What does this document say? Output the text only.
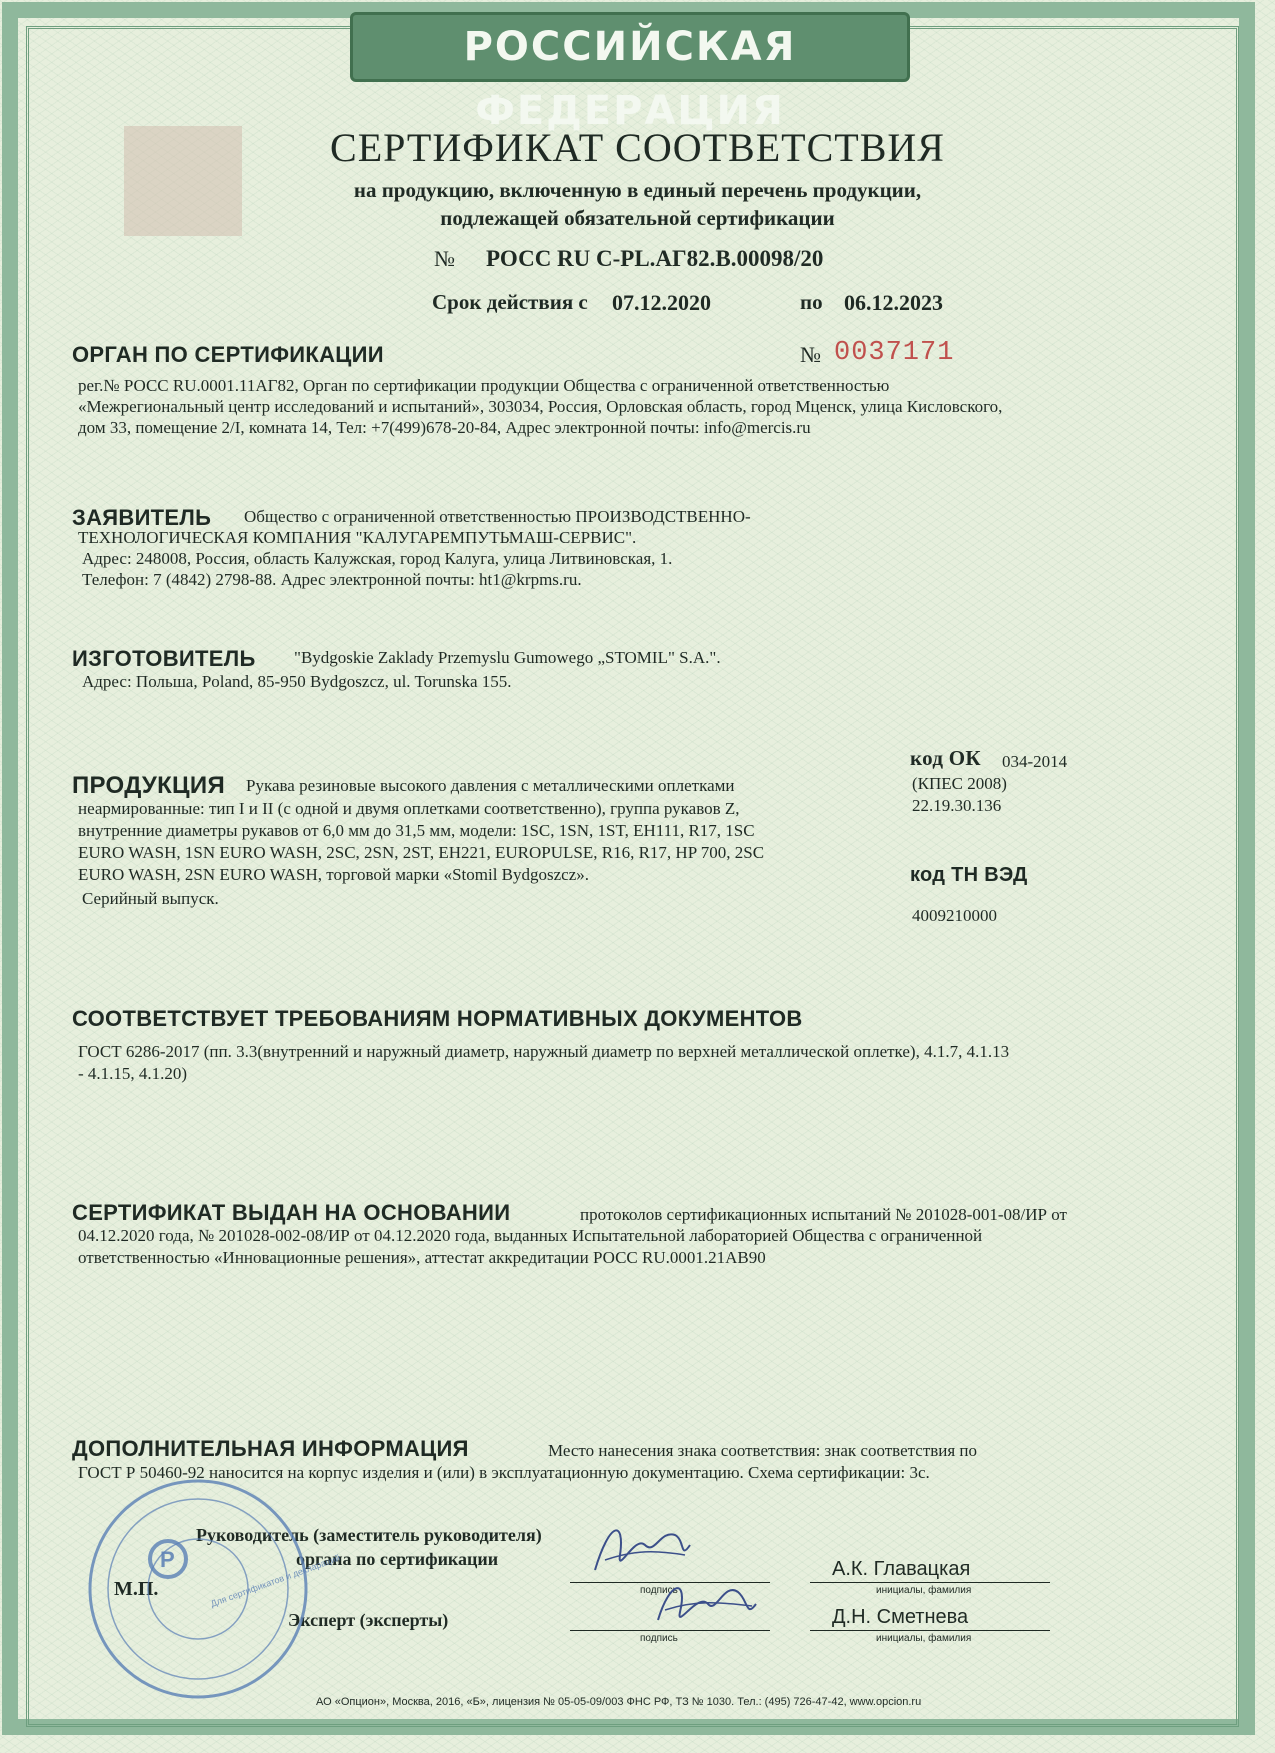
РОССИЙСКАЯ ФЕДЕРАЦИЯ
СЕРТИФИКАТ СООТВЕТСТВИЯ
на продукцию, включенную в единый перечень продукции,
подлежащей обязательной сертификации
№ РОСС RU С-PL.АГ82.В.00098/20
Срок действия с 07.12.2020	по 06.12.2023
ОРГАН ПО СЕРТИФИКАЦИИ	№ 0037171
рег.№ РОСС RU.0001.11АГ82, Орган по сертификации продукции Общества с ограниченной ответственностью
«Межрегиональный центр исследований и испытаний», 303034, Россия, Орловская область, город Мценск, улица Кисловского,
дом 33, помещение 2/I, комната 14, Тел: +7(499)678-20-84, Адрес электронной почты: info@mercis.ru
ЗАЯВИТЕЛЬ Общество с ограниченной ответственностью ПРОИЗВОДСТВЕННО-
ТЕХНОЛОГИЧЕСКАЯ КОМПАНИЯ "КАЛУГАРЕМПУТЬМАШ-СЕРВИС".
Адрес: 248008, Россия, область Калужская, город Калуга, улица Литвиновская, 1.
Телефон: 7 (4842) 2798-88. Адрес электронной почты: ht1@krpms.ru.
ИЗГОТОВИТЕЛЬ "Bydgoskie Zaklady Przemyslu Gumowego „STOMIL" S.A.".
Адрес: Польша, Poland, 85-950 Bydgoszcz, ul. Torunska 155.
ПРОДУКЦИЯ Рукава резиновые высокого давления с металлическими оплетками
неармированные: тип I и II (с одной и двумя оплетками соответственно), группа рукавов Z,
внутренние диаметры рукавов от 6,0 мм до 31,5 мм, модели: 1SC, 1SN, 1ST, EH111, R17, 1SC
EURO WASH, 1SN EURO WASH, 2SC, 2SN, 2ST, EH221, EUROPULSE, R16, R17, HP 700, 2SC
EURO WASH, 2SN EURO WASH, торговой марки «Stomil Bydgoszcz».
Серийный выпуск.
код ОК 034-2014
(КПЕС 2008)
22.19.30.136
код ТН ВЭД
4009210000
СООТВЕТСТВУЕТ ТРЕБОВАНИЯМ НОРМАТИВНЫХ ДОКУМЕНТОВ
ГОСТ 6286-2017 (пп. 3.3(внутренний и наружный диаметр, наружный диаметр по верхней металлической оплетке), 4.1.7, 4.1.13
- 4.1.15, 4.1.20)
СЕРТИФИКАТ ВЫДАН НА ОСНОВАНИИ	протоколов сертификационных испытаний № 201028-001-08/ИР от
04.12.2020 года, № 201028-002-08/ИР от 04.12.2020 года, выданных Испытательной лабораторией Общества с ограниченной
ответственностью «Инновационные решения», аттестат аккредитации РОСС RU.0001.21АВ90
ДОПОЛНИТЕЛЬНАЯ ИНФОРМАЦИЯ	Место нанесения знака соответствия: знак соответствия по
ГОСТ Р 50460-92 наносится на корпус изделия и (или) в эксплуатационную документацию. Схема сертификации: 3с.
Руководитель (заместитель руководителя)
органа по сертификации
М.П.
Эксперт (эксперты)
подпись	инициалы, фамилия
А.К. Главацкая
подпись	инициалы, фамилия
Д.Н. Сметнева
Р	Для сертификатов и деклараций
АО «Опцион», Москва, 2016, «Б», лицензия № 05-05-09/003 ФНС РФ, ТЗ № 1030. Тел.: (495) 726-47-42, www.opcion.ru
